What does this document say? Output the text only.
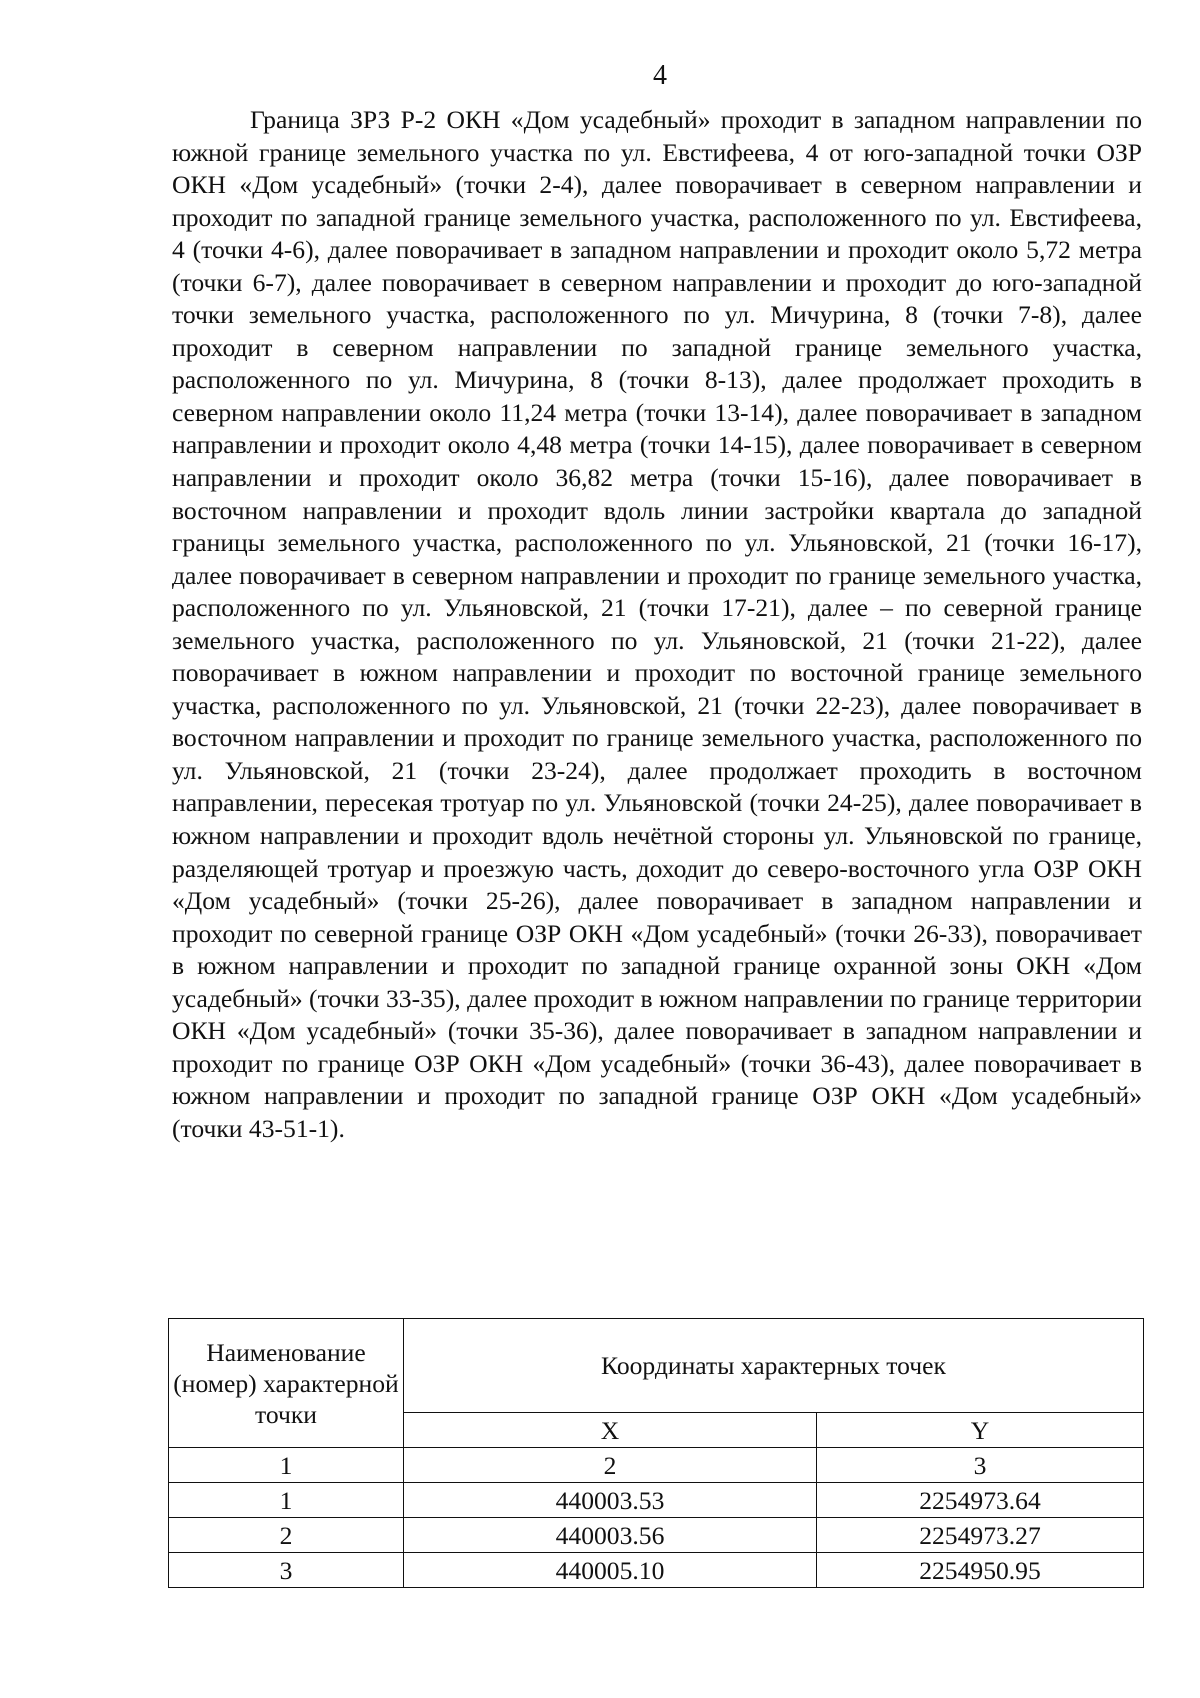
4

Граница ЗРЗ Р-2 ОКН «Дом усадебный» проходит в западном направлении по южной границе земельного участка по ул. Евстифеева, 4 от юго-западной точки ОЗР ОКН «Дом усадебный» (точки 2-4), далее поворачивает в северном направлении и проходит по западной границе земельного участка, расположенного по ул. Евстифеева, 4 (точки 4-6), далее поворачивает в западном направлении и проходит около 5,72 метра (точки 6-7), далее поворачивает в северном направлении и проходит до юго-западной точки земельного участка, расположенного по ул. Мичурина, 8 (точки 7-8), далее проходит в северном направлении по западной границе земельного участка, расположенного по ул. Мичурина, 8 (точки 8-13), далее продолжает проходить в северном направлении около 11,24 метра (точки 13-14), далее поворачивает в западном направлении и проходит около 4,48 метра (точки 14-15), далее поворачивает в северном направлении и проходит около 36,82 метра (точки 15-16), далее поворачивает в восточном направлении и проходит вдоль линии застройки квартала до западной границы земельного участка, расположенного по ул. Ульяновской, 21 (точки 16-17), далее поворачивает в северном направлении и проходит по границе земельного участка, расположенного по ул. Ульяновской, 21 (точки 17-21), далее – по северной границе земельного участка, расположенного по ул. Ульяновской, 21 (точки 21-22), далее поворачивает в южном направлении и проходит по восточной границе земельного участка, расположенного по ул. Ульяновской, 21 (точки 22-23), далее поворачивает в восточном направлении и проходит по границе земельного участка, расположенного по ул. Ульяновской, 21 (точки 23-24), далее продолжает проходить в восточном направлении, пересекая тротуар по ул. Ульяновской (точки 24-25), далее поворачивает в южном направлении и проходит вдоль нечётной стороны ул. Ульяновской по границе, разделяющей тротуар и проезжую часть, доходит до северо-восточного угла ОЗР ОКН «Дом усадебный» (точки 25-26), далее поворачивает в западном направлении и проходит по северной границе ОЗР ОКН «Дом усадебный» (точки 26-33), поворачивает в южном направлении и проходит по западной границе охранной зоны ОКН «Дом усадебный» (точки 33-35), далее проходит в южном направлении по границе территории ОКН «Дом усадебный» (точки 35-36), далее поворачивает в западном направлении и проходит по границе ОЗР ОКН «Дом усадебный» (точки 36-43), далее поворачивает в южном направлении и проходит по западной границе ОЗР ОКН «Дом усадебный» (точки 43-51-1).

Наименование (номер) характерной точки	Координаты характерных точек	
	X	Y
1	2	3
1	440003.53	2254973.64
2	440003.56	2254973.27
3	440005.10	2254950.95
